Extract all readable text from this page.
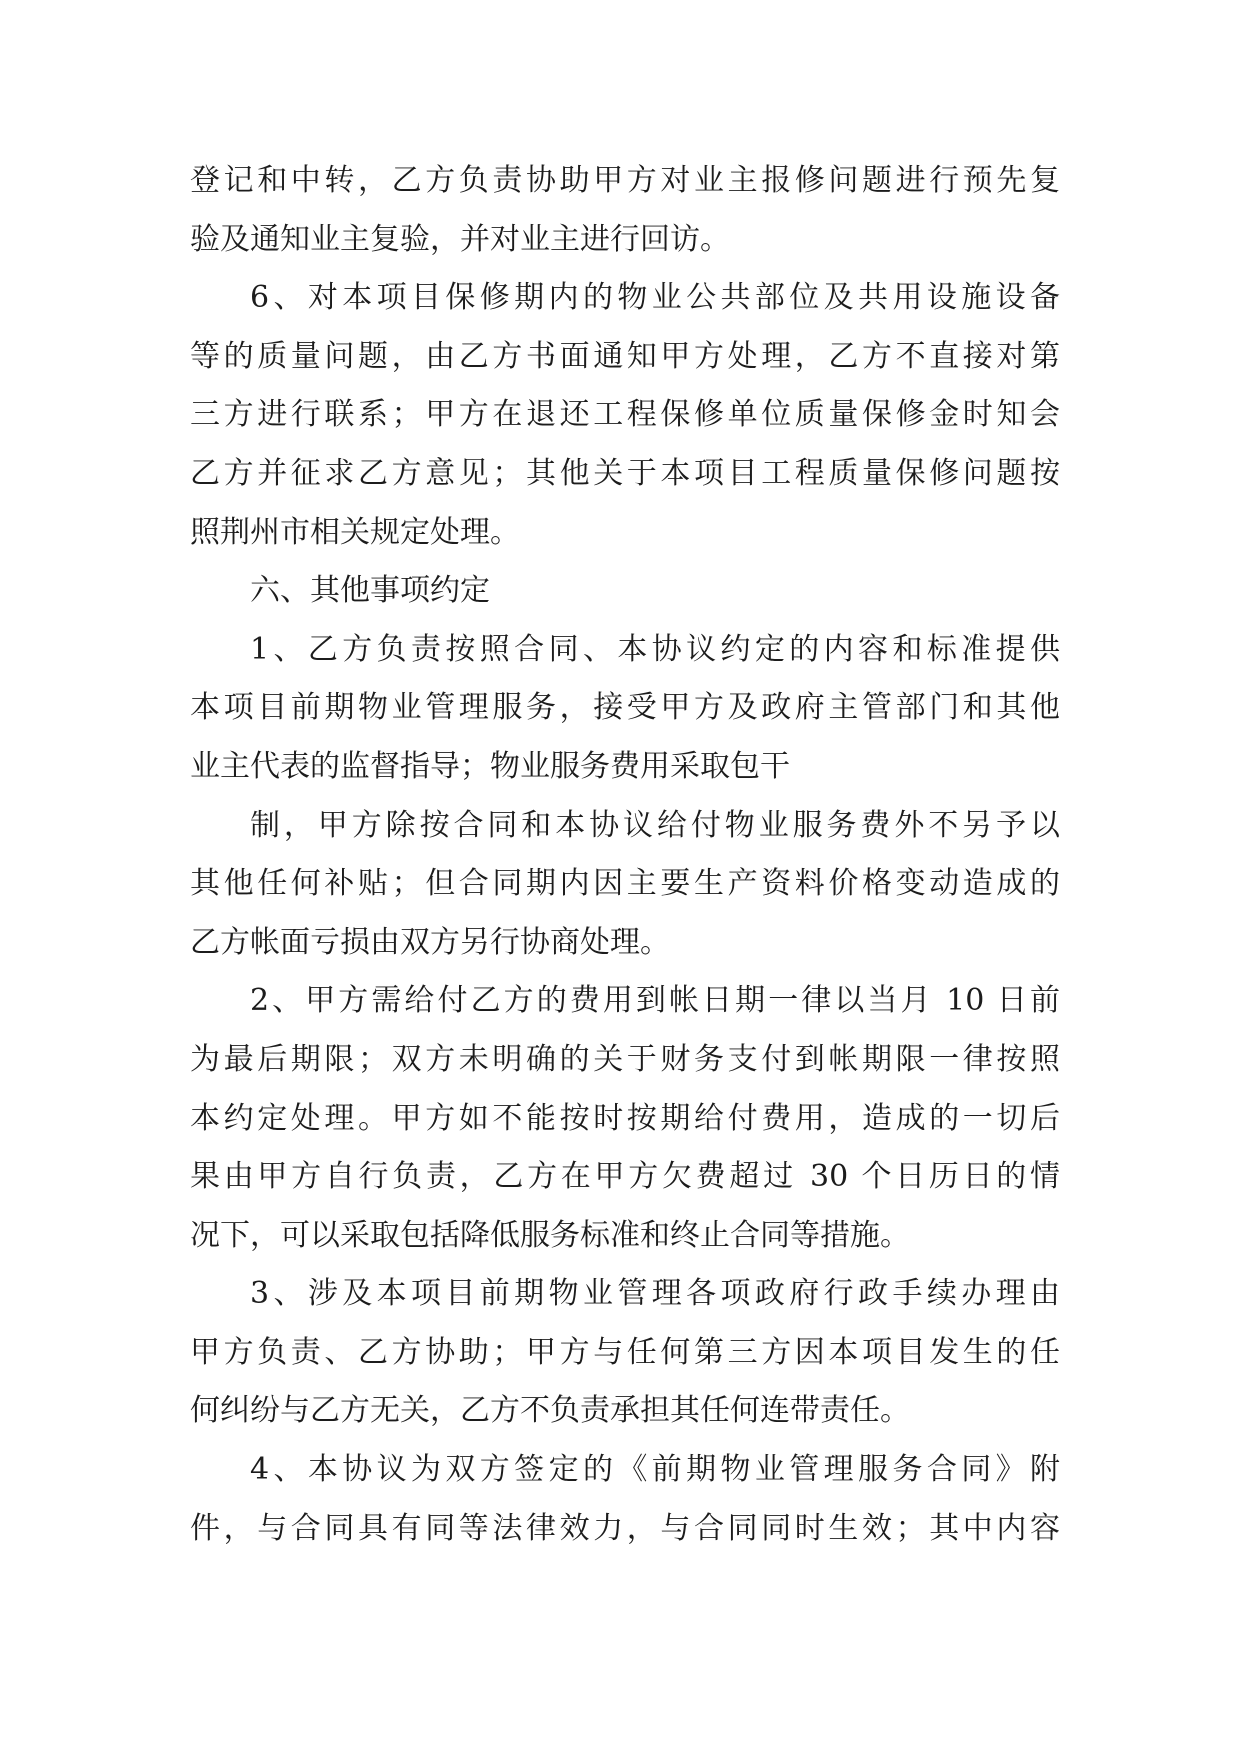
登记和中转，乙方负责协助甲方对业主报修问题进行预先复
验及通知业主复验，并对业主进行回访。
6、对本项目保修期内的物业公共部位及共用设施设备
等的质量问题，由乙方书面通知甲方处理，乙方不直接对第
三方进行联系；甲方在退还工程保修单位质量保修金时知会
乙方并征求乙方意见；其他关于本项目工程质量保修问题按
照荆州市相关规定处理。
六、其他事项约定
1、乙方负责按照合同、本协议约定的内容和标准提供
本项目前期物业管理服务，接受甲方及政府主管部门和其他
业主代表的监督指导；物业服务费用采取包干
制，甲方除按合同和本协议给付物业服务费外不另予以
其他任何补贴；但合同期内因主要生产资料价格变动造成的
乙方帐面亏损由双方另行协商处理。
2、甲方需给付乙方的费用到帐日期一律以当月 10 日前
为最后期限；双方未明确的关于财务支付到帐期限一律按照
本约定处理。甲方如不能按时按期给付费用，造成的一切后
果由甲方自行负责，乙方在甲方欠费超过 30 个日历日的情
况下，可以采取包括降低服务标准和终止合同等措施。
3、涉及本项目前期物业管理各项政府行政手续办理由
甲方负责、乙方协助；甲方与任何第三方因本项目发生的任
何纠纷与乙方无关，乙方不负责承担其任何连带责任。
4、本协议为双方签定的《前期物业管理服务合同》附
件，与合同具有同等法律效力，与合同同时生效；其中内容
